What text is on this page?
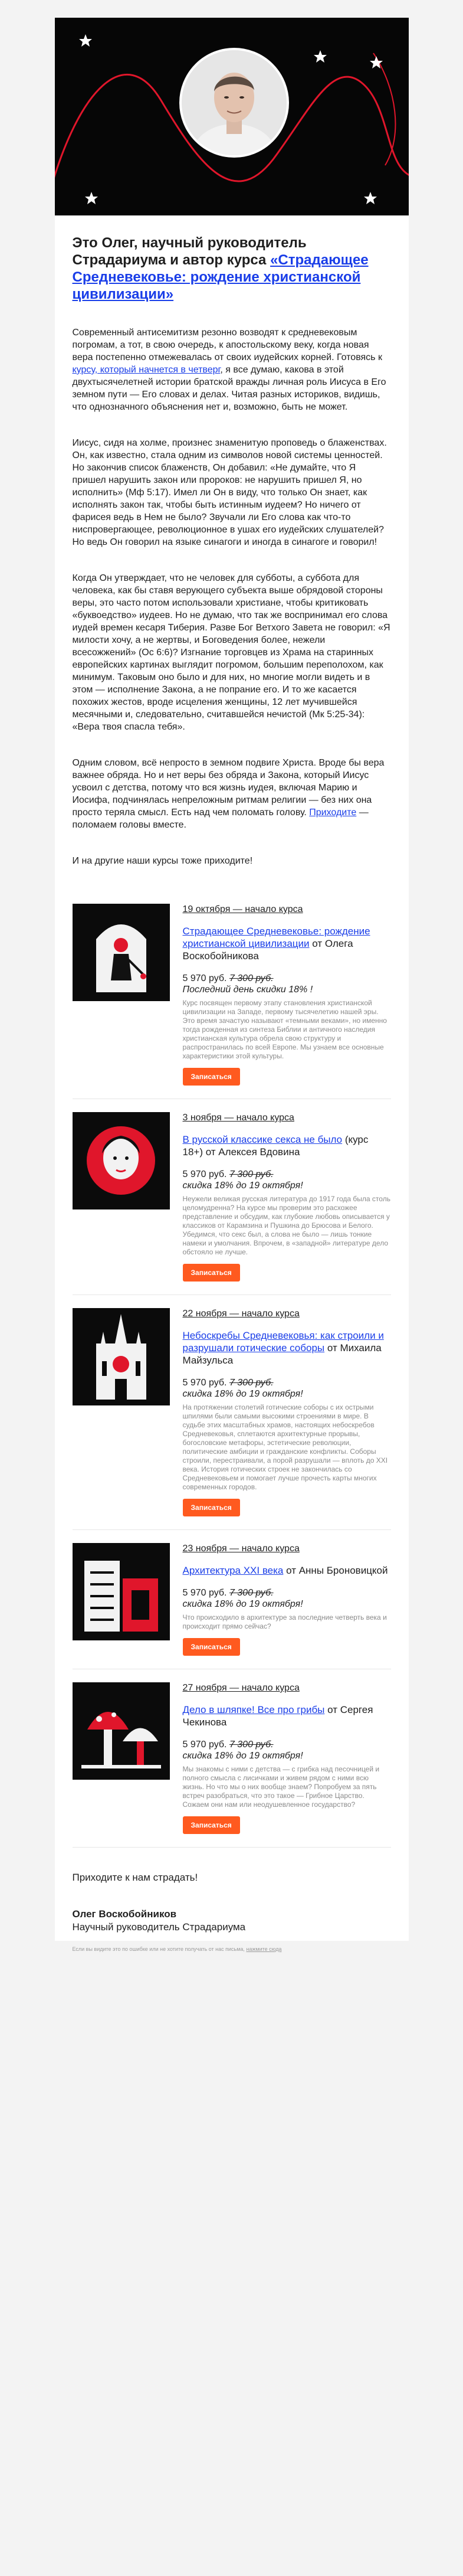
Это Олег, научный руководитель Страдариума и автор курса «Страдающее Средневековье: рождение христианской цивилизации»

Современный антисемитизм резонно возводят к средневековым погромам, а тот, в свою очередь, к апостольскому веку, когда новая вера постепенно отмежевалась от своих иудейских корней. Готовясь к курсу, который начнется в четверг, я все думаю, какова в этой двухтысячелетней истории братской вражды личная роль Иисуса в Его земном пути — Его словах и делах. Читая разных историков, видишь, что однозначного объяснения нет и, возможно, быть не может.

Иисус, сидя на холме, произнес знаменитую проповедь о блаженствах. Он, как известно, стала одним из символов новой системы ценностей. Но закончив список блаженств, Он добавил: «Не думайте, что Я пришел нарушить закон или пророков: не нарушить пришел Я, но исполнить» (Мф 5:17). Имел ли Он в виду, что только Он знает, как исполнять закон так, чтобы быть истинным иудеем? Но ничего от фарисея ведь в Нем не было? Звучали ли Его слова как что-то ниспровергающее, революционное в ушах его иудейских слушателей? Но ведь Он говорил на языке синагоги и иногда в синагоге и говорил!

Когда Он утверждает, что не человек для субботы, а суббота для человека, как бы ставя верующего субъекта выше обрядовой стороны веры, это часто потом использовали христиане, чтобы критиковать «буквоедство» иудеев. Но не думаю, что так же воспринимал его слова иудей времен кесаря Тиберия. Разве Бог Ветхого Завета не говорил: «Я милости хочу, а не жертвы, и Боговедения более, нежели всесожжений» (Ос 6:6)? Изгнание торговцев из Храма на старинных европейских картинах выглядит погромом, большим переполохом, как минимум. Таковым оно было и для них, но многие могли видеть и в этом — исполнение Закона, а не попрание его. И то же касается похожих жестов, вроде исцеления женщины, 12 лет мучившейся месячными и, следовательно, считавшейся нечистой (Мк 5:25-34): «Вера твоя спасла тебя».

Одним словом, всё непросто в земном подвиге Христа. Вроде бы вера важнее обряда. Но и нет веры без обряда и Закона, который Иисус усвоил с детства, потому что вся жизнь иудея, включая Марию и Иосифа, подчинялась непреложным ритмам религии — без них она просто теряла смысл. Есть над чем поломать голову. Приходите — поломаем головы вместе.

И на другие наши курсы тоже приходите!

19 октября — начало курса

Страдающее Средневековье: рождение христианской цивилизации от Олега Воскобойникова

5 970 руб. 7 300 руб.

Последний день скидки 18% !

Курс посвящен первому этапу становления христианской цивилизации на Западе, первому тысячелетию нашей эры. Это время зачастую называют «темными веками», но именно тогда рожденная из синтеза Библии и античного наследия христианская культура обрела свою структуру и распространилась по всей Европе. Мы узнаем все основные характеристики этой культуры.

Записаться

3 ноября — начало курса

В русской классике секса не было (курс 18+) от Алексея Вдовина

5 970 руб. 7 300 руб.

скидка 18% до 19 октября!

Неужели великая русская литература до 1917 года была столь целомудренна? На курсе мы проверим это расхожее представление и обсудим, как глубокие любовь описывается у классиков от Карамзина и Пушкина до Брюсова и Белого. Убедимся, что секс был, а слова не было — лишь тонкие намеки и умолчания. Впрочем, в «западной» литературе дело обстояло не лучше.

Записаться

22 ноября — начало курса

Небоскребы Средневековья: как строили и разрушали готические соборы от Михаила Майзульса

5 970 руб. 7 300 руб.

скидка 18% до 19 октября!

На протяжении столетий готические соборы с их острыми шпилями были самыми высокими строениями в мире. В судьбе этих масштабных храмов, настоящих небоскребов Средневековья, сплетаются архитектурные прорывы, богословские метафоры, эстетические революции, политические амбиции и гражданские конфликты. Соборы строили, перестраивали, а порой разрушали — вплоть до XXI века. История готических строек не закончилась со Средневековьем и помогает лучше прочесть карты многих современных городов.

Записаться

23 ноября — начало курса

Архитектура XXI века от Анны Броновицкой

5 970 руб. 7 300 руб.

скидка 18% до 19 октября!

Что происходило в архитектуре за последние четверть века и происходит прямо сейчас?

Записаться

27 ноября — начало курса

Дело в шляпке! Все про грибы от Сергея Чекинова

5 970 руб. 7 300 руб.

скидка 18% до 19 октября!

Мы знакомы с ними с детства — с грибка над песочницей и полного смысла с лисичками и живем рядом с ними всю жизнь. Но что мы о них вообще знаем? Попробуем за пять встреч разобраться, что это такое — Грибное Царство. Сожаем они нам или неодушевленное государство?

Записаться

Приходите к нам страдать!

Олег Воскобойников

Научный руководитель Страдариума

Если вы видите это по ошибке или не хотите получать от нас письма, нажмите сюда
